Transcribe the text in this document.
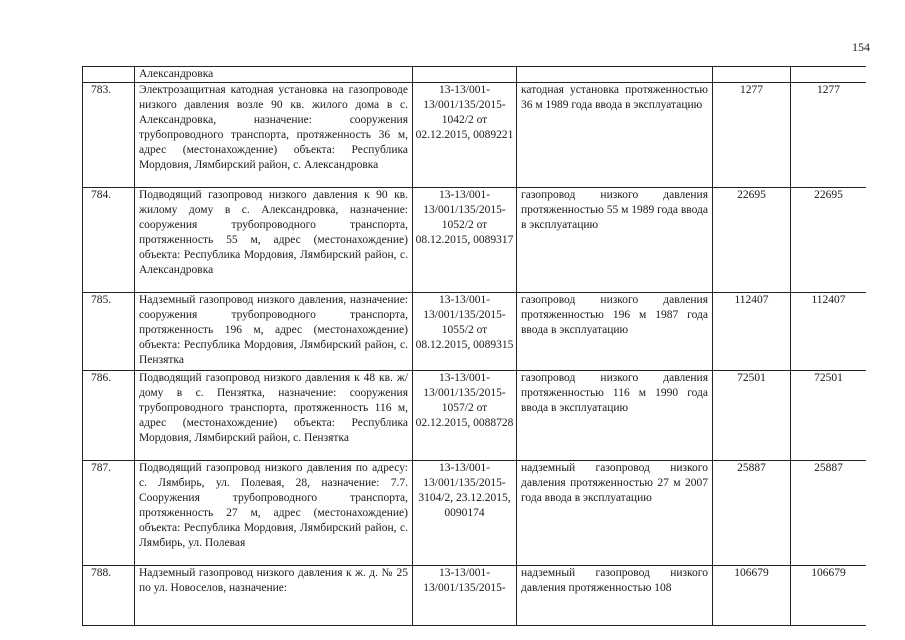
154
	Александровка				
783.	Электрозащитная катодная установка на газопроводе низкого давления возле 90 кв. жилого дома в с. Александровка, назначение: сооружения трубопроводного транспорта, протяженность 36 м, адрес (местонахождение) объекта: Республика Мордовия, Лямбирский район, с. Александровка	13-13/001-13/001/135/2015-1042/2 от 02.12.2015, 0089221	катодная установка протяженностью 36 м 1989 года ввода в эксплуатацию	1277	1277
784.	Подводящий газопровод низкого давления к 90 кв. жилому дому в с. Александровка, назначение: сооружения трубопроводного транспорта, протяженность 55 м, адрес (местонахождение) объекта: Республика Мордовия, Лямбирский район, с. Александровка	13-13/001-13/001/135/2015-1052/2 от 08.12.2015, 0089317	газопровод низкого давления протяженностью 55 м 1989 года ввода в эксплуатацию	22695	22695
785.	Надземный газопровод низкого давления, назначение: сооружения трубопроводного транспорта, протяженность 196 м, адрес (местонахождение) объекта: Республика Мордовия, Лямбирский район, с. Пензятка	13-13/001-13/001/135/2015-1055/2 от 08.12.2015, 0089315	газопровод низкого давления протяженностью 196 м 1987 года ввода в эксплуатацию	112407	112407
786.	Подводящий газопровод низкого давления к 48 кв. ж/дому в с. Пензятка, назначение: сооружения трубопроводного транспорта, протяженность 116 м, адрес (местонахождение) объекта: Республика Мордовия, Лямбирский район, с. Пензятка	13-13/001-13/001/135/2015-1057/2 от 02.12.2015, 0088728	газопровод низкого давления протяженностью 116 м 1990 года ввода в эксплуатацию	72501	72501
787.	Подводящий газопровод низкого давления по адресу: с. Лямбирь, ул. Полевая, 28, назначение: 7.7. Сооружения трубопроводного транспорта, протяженность 27 м, адрес (местонахождение) объекта: Республика Мордовия, Лямбирский район, с. Лямбирь, ул. Полевая	13-13/001-13/001/135/2015-3104/2, 23.12.2015, 0090174	надземный газопровод низкого давления протяженностью 27 м 2007 года ввода в эксплуатацию	25887	25887
788.	Надземный газопровод низкого давления к ж. д. № 25 по ул. Новоселов, назначение:	13-13/001-13/001/135/2015-	надземный газопровод низкого давления протяженностью 108	106679	106679
